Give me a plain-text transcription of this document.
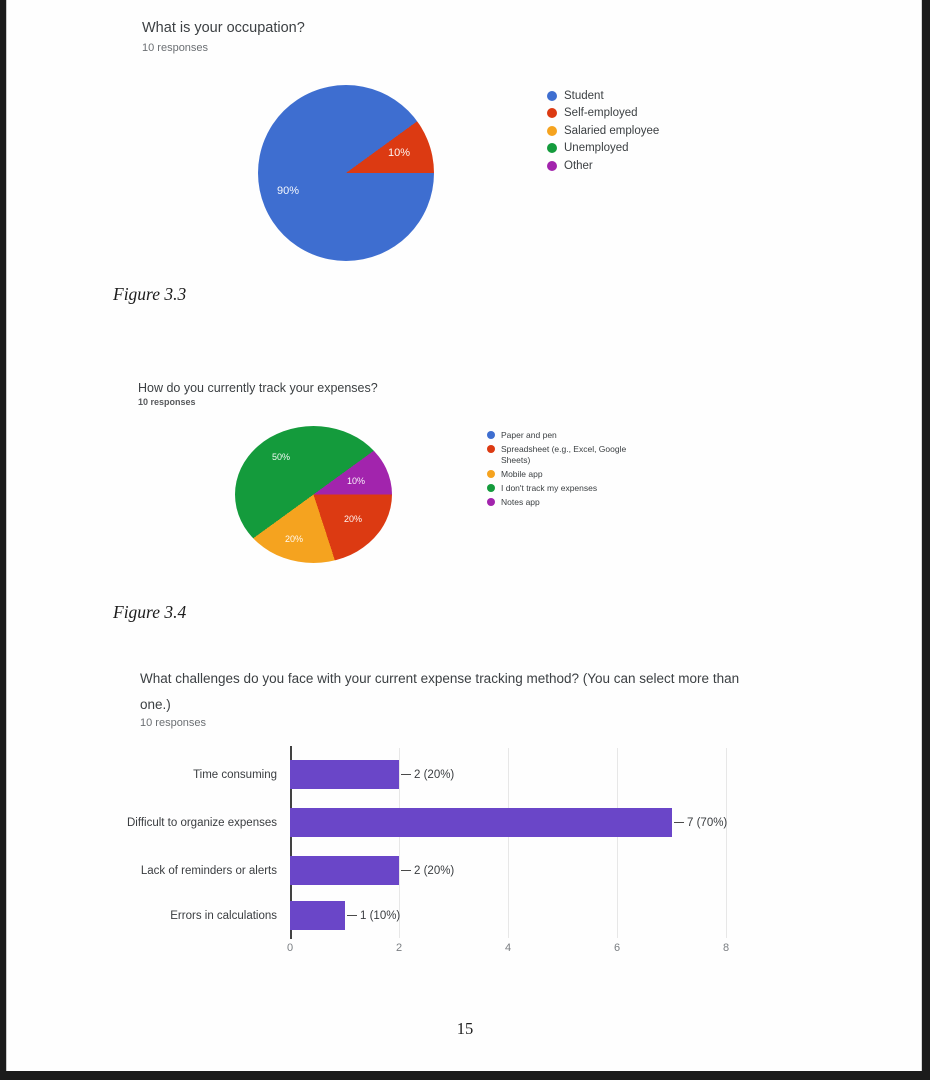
What is your occupation?
10 responses
90%
10%
Student
Self-employed
Salaried employee
Unemployed
Other
Figure 3.3
How do you currently track your expenses?
10 responses
50%
10%
20%
20%
Paper and pen
Spreadsheet (e.g., Excel, Google Sheets)
Mobile app
I don't track my expenses
Notes app
Figure 3.4
What challenges do you face with your current expense tracking method? (You can select more than
one.)
10 responses
Time consuming	2 (20%)
Difficult to organize expenses	7 (70%)
Lack of reminders or alerts	2 (20%)
Errors in calculations	1 (10%)
0	2	4	6	8
15
